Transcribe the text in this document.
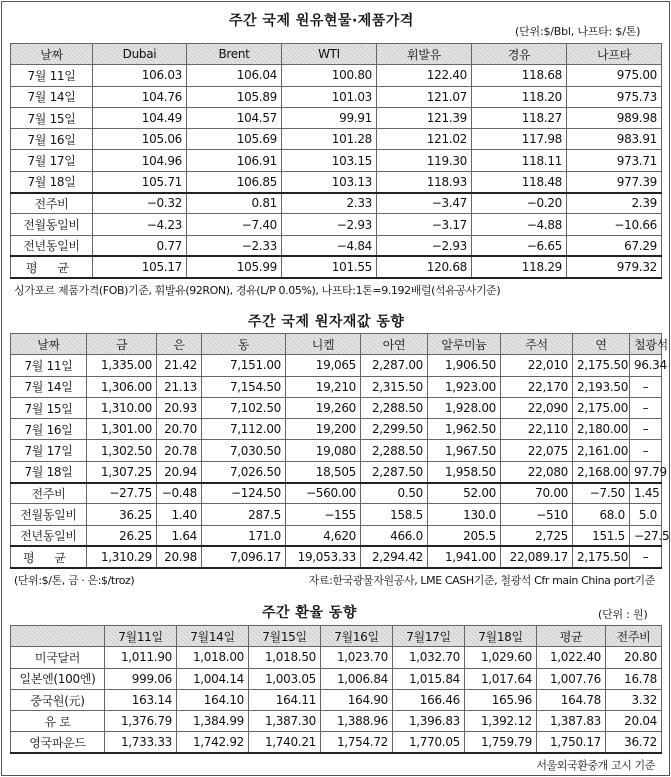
주간 국제 원유현물·제품가격
(단위:$/Bbl, 나프타: $/톤)
날짜	Dubai	Brent	WTI	휘발유	경유	나프타
7월 11일	106.03	106.04	100.80	122.40	118.68	975.00
7월 14일	104.76	105.89	101.03	121.07	118.20	975.73
7월 15일	104.49	104.57	99.91	121.39	118.27	989.98
7월 16일	105.06	105.69	101.28	121.02	117.98	983.91
7월 17일	104.96	106.91	103.15	119.30	118.11	973.71
7월 18일	105.71	106.85	103.13	118.93	118.48	977.39
전주비	−0.32	0.81	2.33	−3.47	−0.20	2.39
전월동일비	−4.23	−7.40	−2.93	−3.17	−4.88	−10.66
전년동일비	0.77	−2.33	−4.84	−2.93	−6.65	67.29
평 균	105.17	105.99	101.55	120.68	118.29	979.32
싱가포르 제품가격(FOB)기준, 휘발유(92RON), 경유(L/P 0.05%), 나프타:1톤=9.192배럴(석유공사기준)
주간 국제 원자재값 동향
날짜	금	은	동	니켈	아연	알루미늄	주석	연	철광석
7월 11일	1,335.00	21.42	7,151.00	19,065	2,287.00	1,906.50	22,010	2,175.50	96.34
7월 14일	1,306.00	21.13	7,154.50	19,210	2,315.50	1,923.00	22,170	2,193.50	–
7월 15일	1,310.00	20.93	7,102.50	19,260	2,288.50	1,928.00	22,090	2,175.00	–
7월 16일	1,301.00	20.70	7,112.00	19,200	2,299.50	1,962.50	22,110	2,180.00	–
7월 17일	1,302.50	20.78	7,030.50	19,080	2,288.50	1,967.50	22,075	2,161.00	–
7월 18일	1,307.25	20.94	7,026.50	18,505	2,287.50	1,958.50	22,080	2,168.00	97.79
전주비	−27.75	−0.48	−124.50	−560.00	0.50	52.00	70.00	−7.50	1.45
전월동일비	36.25	1.40	287.5	−155	158.5	130.0	−510	68.0	5.0
전년동일비	26.25	1.64	171.0	4,620	466.0	205.5	2,725	151.5	−27.5
평 균	1,310.29	20.98	7,096.17	19,053.33	2,294.42	1,941.00	22,089.17	2,175.50	–
(단위:$/톤, 금 · 은:$/troz)	자료:한국광물자원공사, LME CASH기준, 철광석 Cfr main China port기준
주간 환율 동향	(단위 : 원)
	7월11일	7월14일	7월15일	7월16일	7월17일	7월18일	평균	전주비
미국달러	1,011.90	1,018.00	1,018.50	1,023.70	1,032.70	1,029.60	1,022.40	20.80
일본엔(100엔)	999.06	1,004.14	1,003.05	1,006.84	1,015.84	1,017.64	1,007.76	16.78
중국원(元)	163.14	164.10	164.11	164.90	166.46	165.96	164.78	3.32
유 로	1,376.79	1,384.99	1,387.30	1,388.96	1,396.83	1,392.12	1,387.83	20.04
영국파운드	1,733.33	1,742.92	1,740.21	1,754.72	1,770.05	1,759.79	1,750.17	36.72
서울외국환중개 고시 기준
